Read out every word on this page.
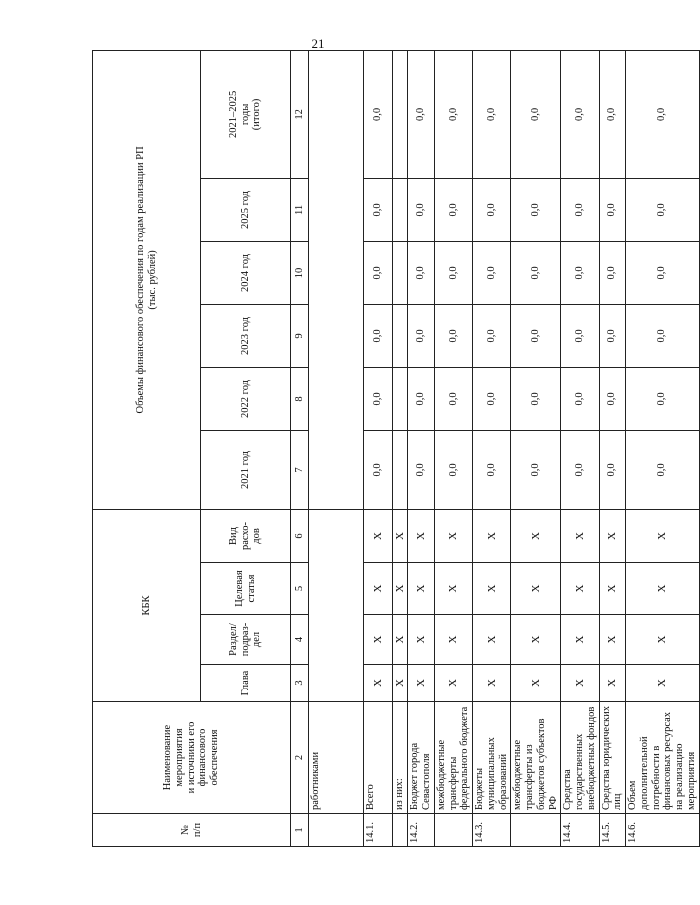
21
№
п/п	Наименование мероприятия
и источники его
финансового обеспечения	КБК				Объемы финансового обеспечения по годам реализации РП
(тыс. рублей)					
		Глава	Раздел/
подраз-
дел	Целевая
статья	Вид
расхо-
дов	2021 год	2022 год	2023 год	2024 год	2025 год	2021–2025
годы
(итого)
1	2	3	4	5	6	7	8	9	10	11	12
	работниками										
14.1.	Всего	X	X	X	X	0,0	0,0	0,0	0,0	0,0	0,0
	из них:	X	X	X	X						
14.2.	Бюджет города Севастополя	X	X	X	X	0,0	0,0	0,0	0,0	0,0	0,0
	межбюджетные трансферты федерального бюджета	X	X	X	X	0,0	0,0	0,0	0,0	0,0	0,0
14.3.	Бюджеты муниципальных образований	X	X	X	X	0,0	0,0	0,0	0,0	0,0	0,0
	межбюджетные трансферты из бюджетов субъектов РФ	X	X	X	X	0,0	0,0	0,0	0,0	0,0	0,0
14.4.	Средства государственных внебюджетных фондов	X	X	X	X	0,0	0,0	0,0	0,0	0,0	0,0
14.5.	Средства юридических лиц	X	X	X	X	0,0	0,0	0,0	0,0	0,0	0,0
14.6.	Объем дополнительной потребности в финансовых ресурсах на реализацию мероприятия	X	X	X	X	0,0	0,0	0,0	0,0	0,0	0,0
